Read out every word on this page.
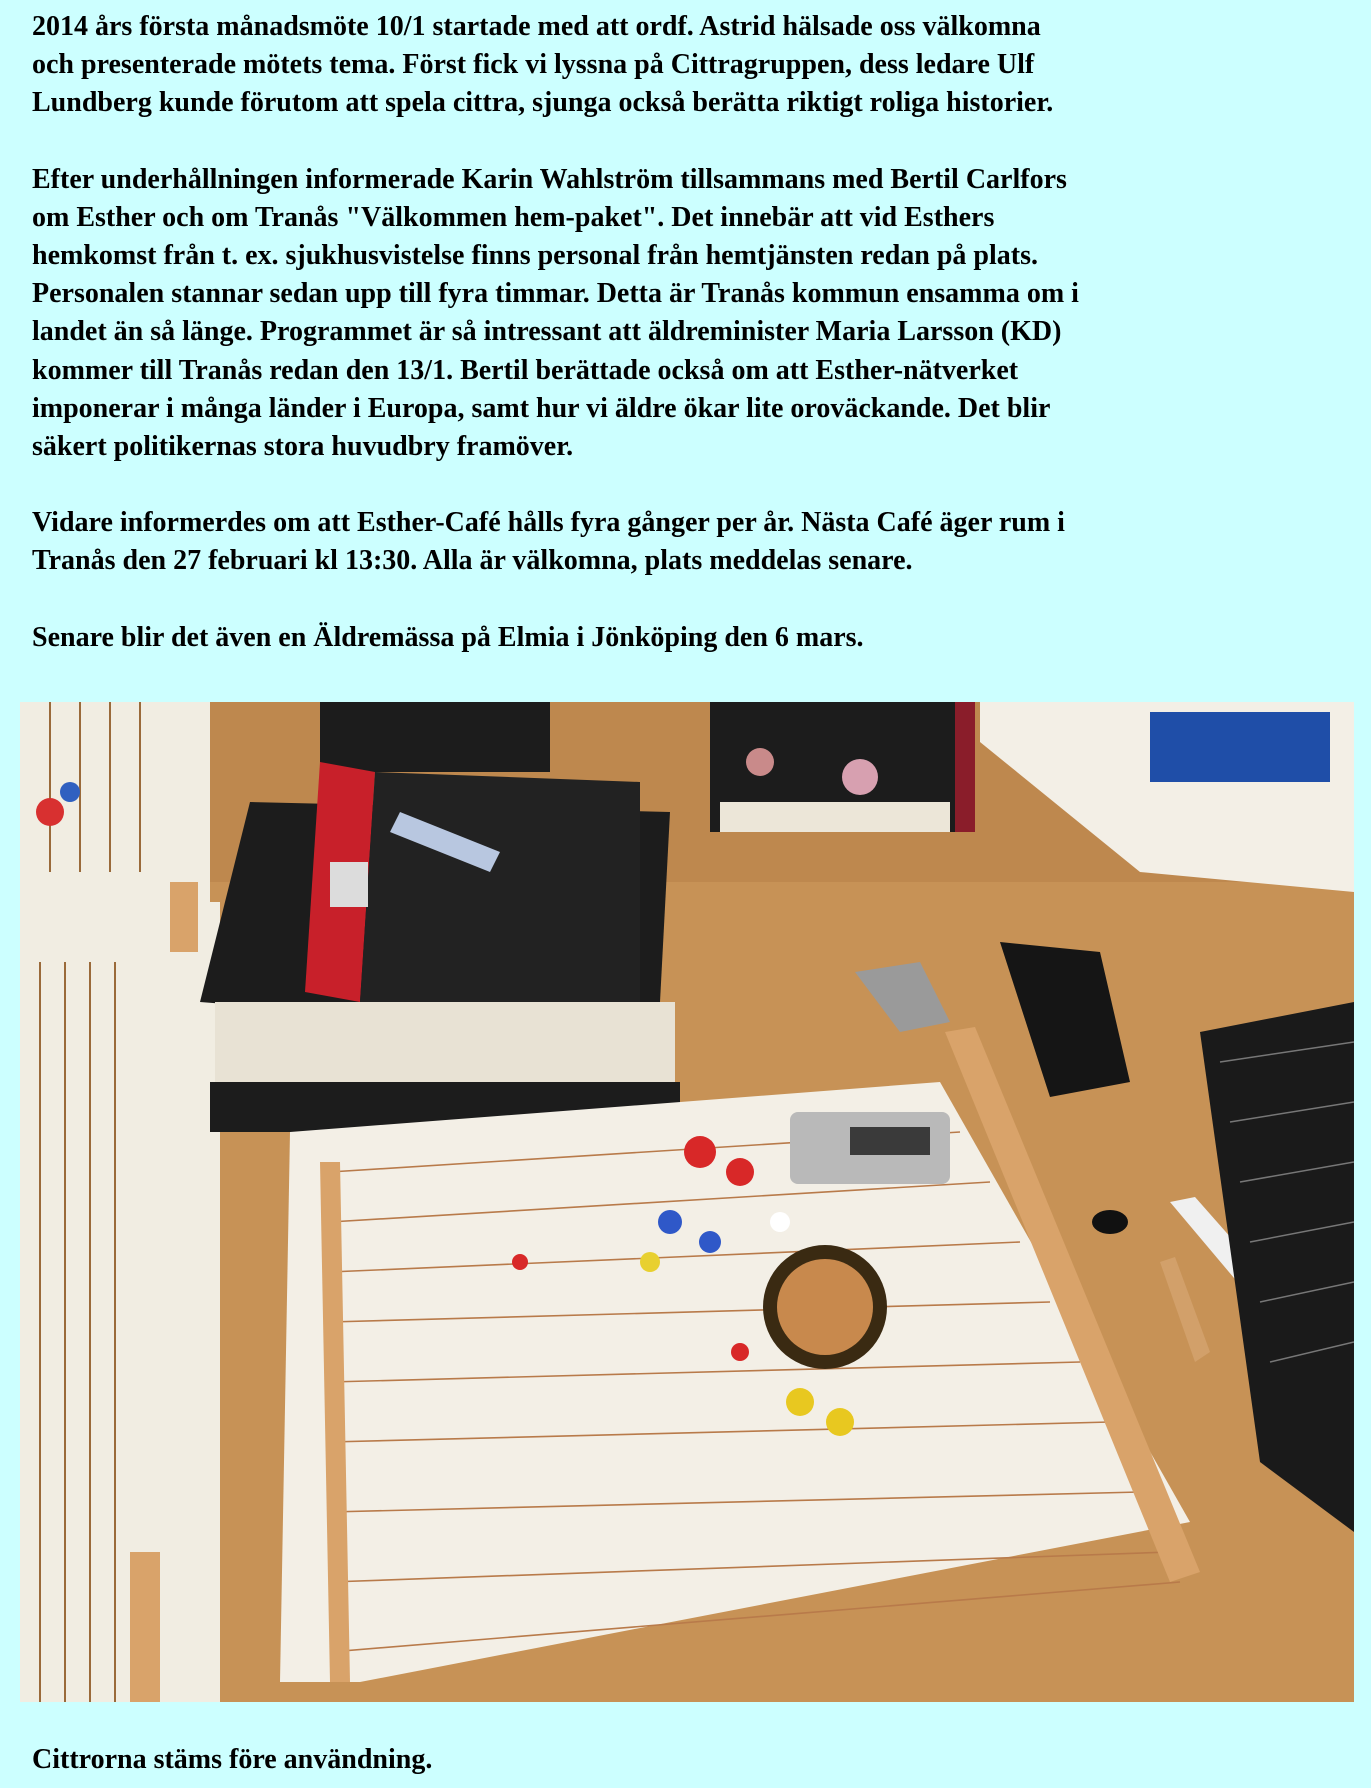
2014 års första månadsmöte 10/1 startade med att ordf. Astrid hälsade oss välkomna
och presenterade mötets tema. Först fick vi lyssna på Cittragruppen, dess ledare Ulf
Lundberg kunde förutom att spela cittra, sjunga också berätta riktigt roliga historier.

Efter underhållningen informerade Karin Wahlström tillsammans med Bertil Carlfors
om Esther och om Tranås "Välkommen hem-paket". Det innebär att vid Esthers
hemkomst från t. ex. sjukhusvistelse finns personal från hemtjänsten redan på plats.
Personalen stannar sedan upp till fyra timmar. Detta är Tranås kommun ensamma om i
landet än så länge. Programmet är så intressant att äldreminister Maria Larsson (KD)
kommer till Tranås redan den 13/1. Bertil berättade också om att Esther-nätverket
imponerar i många länder i Europa, samt hur vi äldre ökar lite oroväckande. Det blir
säkert politikernas stora huvudbry framöver.

Vidare informerdes om att Esther-Café hålls fyra gånger per år. Nästa Café äger rum i
Tranås den 27 februari kl 13:30. Alla är välkomna, plats meddelas senare.

Senare blir det även en Äldremässa på Elmia i Jönköping den 6 mars.

Cittrorna stäms före användning.
